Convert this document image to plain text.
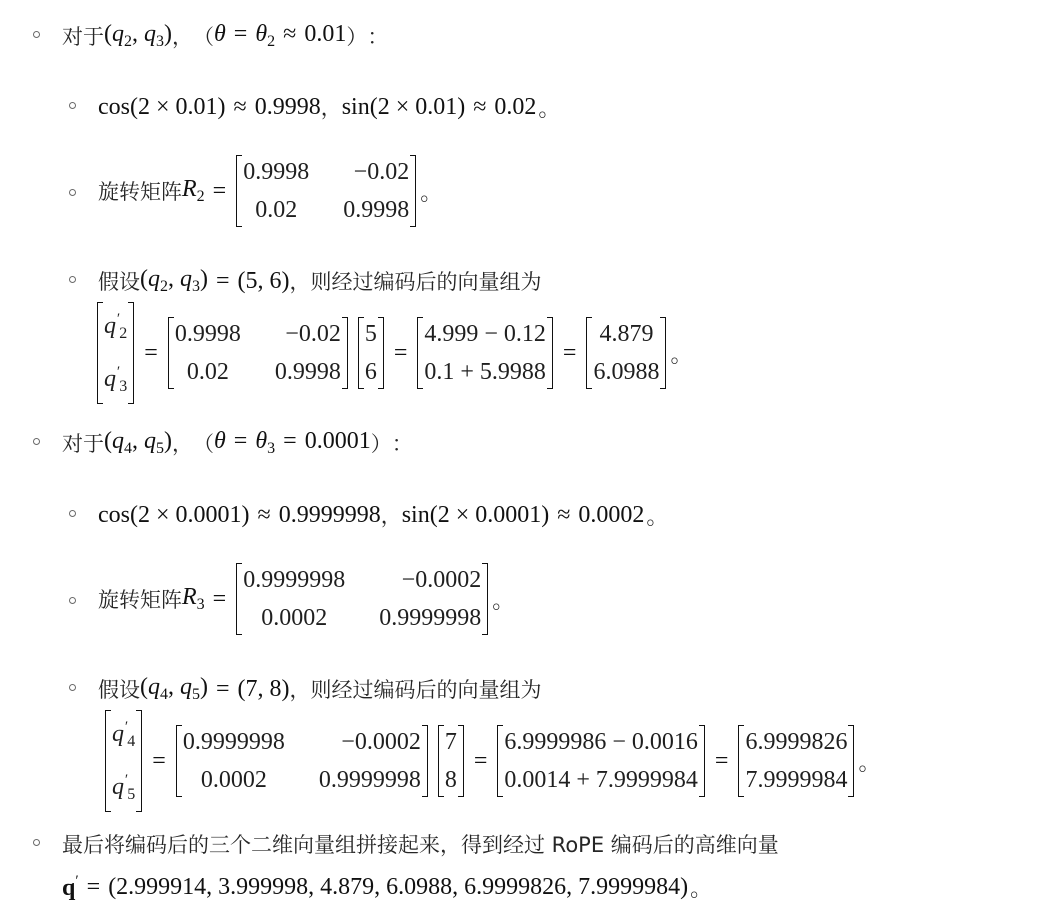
对于 ($q_2$, $q_3$) ， （ $\theta = \theta_2 \approx 0.01$ ） ：
cos(2 × 0.01) ≈ 0.9998 ， sin(2 × 0.01) ≈ 0.02 。
旋转矩阵 $R_2$ =
0.9998	−0.02
0.02	0.9998
。
假设 ($q_2$, $q_3) = (5$, 6) ，则经过编码后的向量组为
$q'_2$
$q'_3$
=
0.9998	−0.02
0.02	0.9998
5
6
=
4.999 − 0.12
0.1 + 5.9988
=
4.879
6.0988
。
对于 ($q_4$, $q_5$) ， （ $\theta = \theta_3 = 0.0001$ ） ：
cos(2 × 0.0001) ≈ 0.9999998 ， sin(2 × 0.0001) ≈ 0.0002 。
旋转矩阵 $R_3$ =
0.9999998	−0.0002
0.0002	0.9999998
。
假设 ($q_4$, $q_5) = (7$, 8) ，则经过编码后的向量组为
$q'_4$
$q'_5$
=
0.9999998	−0.0002
0.0002	0.9999998
7
8
=
6.9999986 − 0.0016
0.0014 + 7.9999984
=
6.9999826
7.9999984
。
最后将编码后的三个二维向量组拼接起来，得到经过 RoPE 编码后的高维向量
q′ = (2.999914, 3.999998, 4.879, 6.0988, 6.9999826, 7.9999984) 。
